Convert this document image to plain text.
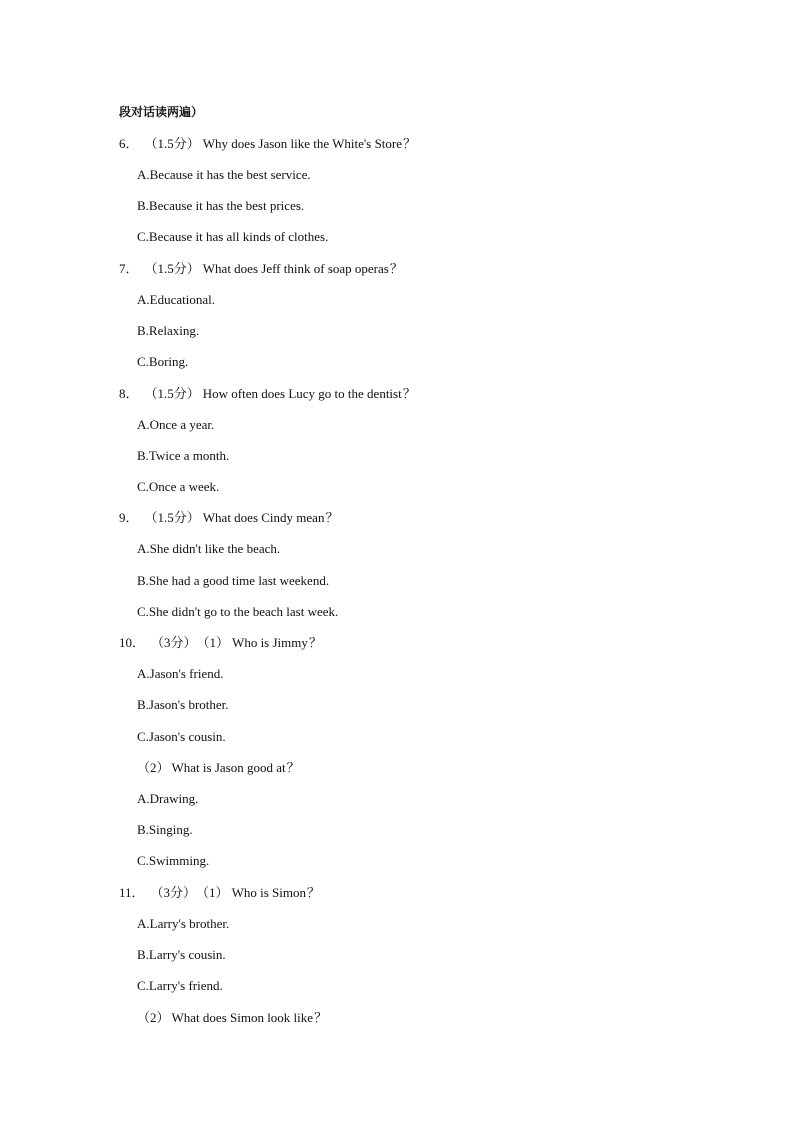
段对话读两遍）
6． （1.5分） Why does Jason like the White's Store？
A.Because it has the best service.
B.Because it has the best prices.
C.Because it has all kinds of clothes.
7． （1.5分） What does Jeff think of soap operas？
A.Educational.
B.Relaxing.
C.Boring.
8． （1.5分） How often does Lucy go to the dentist？
A.Once a year.
B.Twice a month.
C.Once a week.
9． （1.5分） What does Cindy mean？
A.She didn't like the beach.
B.She had a good time last weekend.
C.She didn't go to the beach last week.
10． （3分）（1） Who is Jimmy？
A.Jason's friend.
B.Jason's brother.
C.Jason's cousin.
（2） What is Jason good at？
A.Drawing.
B.Singing.
C.Swimming.
11． （3分）（1） Who is Simon？
A.Larry's brother.
B.Larry's cousin.
C.Larry's friend.
（2） What does Simon look like？
